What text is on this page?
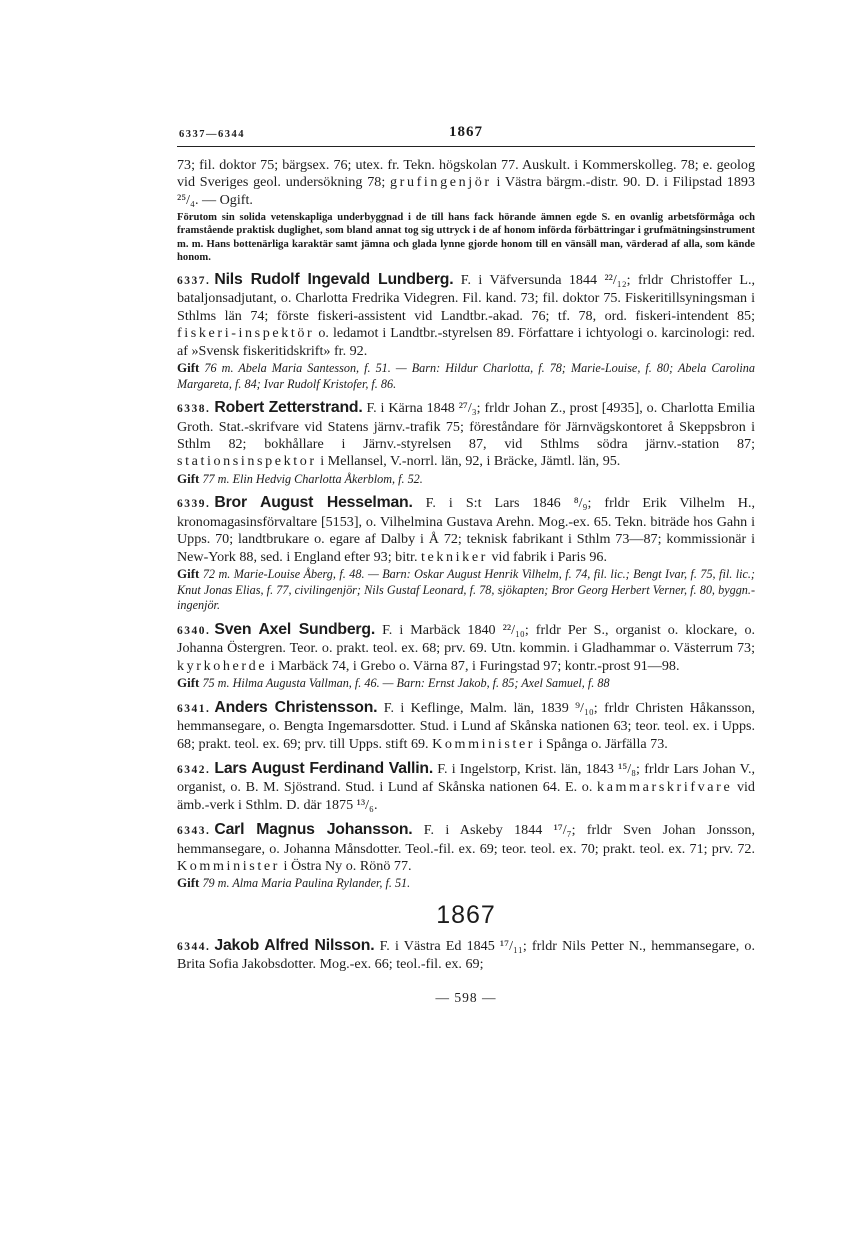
6337—6344	1867

73; fil. doktor 75; bärgsex. 76; utex. fr. Tekn. högskolan 77. Auskult. i Kommerskolleg. 78; e. geolog vid Sveriges geol. undersökning 78; grufingenjör i Västra bärgm.-distr. 90. D. i Filipstad 1893 ²⁵/₄. — Ogift.

Förutom sin solida vetenskapliga underbyggnad i de till hans fack hörande ämnen egde S. en ovanlig arbetsförmåga och framstående praktisk duglighet, som bland annat tog sig uttryck i de af honom införda förbättringar i grufmätningsinstrument m. m. Hans bottenärliga karaktär samt jämna och glada lynne gjorde honom till en vänsäll man, värderad af alla, som kände honom.

6337. Nils Rudolf Ingevald Lundberg. F. i Väfversunda 1844 ²²/₁₂; frldr Christoffer L., bataljonsadjutant, o. Charlotta Fredrika Videgren. Fil. kand. 73; fil. doktor 75. Fiskeritillsyningsman i Sthlms län 74; förste fiskeri-assistent vid Landtbr.-akad. 76; tf. 78, ord. fiskeri-intendent 85; fiskeri-inspektör o. ledamot i Landtbr.-styrelsen 89. Författare i ichtyologi o. karcinologi: red. af »Svensk fiskeritidskrift» fr. 92.

Gift 76 m. Abela Maria Santesson, f. 51. — Barn: Hildur Charlotta, f. 78; Marie-Louise, f. 80; Abela Carolina Margareta, f. 84; Ivar Rudolf Kristofer, f. 86.

6338. Robert Zetterstrand. F. i Kärna 1848 ²⁷/₃; frldr Johan Z., prost [4935], o. Charlotta Emilia Groth. Stat.-skrifvare vid Statens järnv.-trafik 75; föreståndare för Järnvägskontoret å Skeppsbron i Sthlm 82; bokhållare i Järnv.-styrelsen 87, vid Sthlms södra järnv.-station 87; stationsinspektor i Mellansel, V.-norrl. län, 92, i Bräcke, Jämtl. län, 95.

Gift 77 m. Elin Hedvig Charlotta Åkerblom, f. 52.

6339. Bror August Hesselman. F. i S:t Lars 1846 ⁸/₉; frldr Erik Vilhelm H., kronomagasinsförvaltare [5153], o. Vilhelmina Gustava Arehn. Mog.-ex. 65. Tekn. biträde hos Gahn i Upps. 70; landtbrukare o. egare af Dalby i Å 72; teknisk fabrikant i Sthlm 73—87; kommissionär i New-York 88, sed. i England efter 93; bitr. tekniker vid fabrik i Paris 96.

Gift 72 m. Marie-Louise Åberg, f. 48. — Barn: Oskar August Henrik Vilhelm, f. 74, fil. lic.; Bengt Ivar, f. 75, fil. lic.; Knut Jonas Elias, f. 77, civilingenjör; Nils Gustaf Leonard, f. 78, sjökapten; Bror Georg Herbert Verner, f. 80, byggn.-ingenjör.

6340. Sven Axel Sundberg. F. i Marbäck 1840 ²²/₁₀; frldr Per S., organist o. klockare, o. Johanna Östergren. Teor. o. prakt. teol. ex. 68; prv. 69. Utn. kommin. i Gladhammar o. Västerrum 73; kyrkoherde i Marbäck 74, i Grebo o. Värna 87, i Furingstad 97; kontr.-prost 91—98.

Gift 75 m. Hilma Augusta Vallman, f. 46. — Barn: Ernst Jakob, f. 85; Axel Samuel, f. 88

6341. Anders Christensson. F. i Keflinge, Malm. län, 1839 ⁹/₁₀; frldr Christen Håkansson, hemmansegare, o. Bengta Ingemarsdotter. Stud. i Lund af Skånska nationen 63; teor. teol. ex. i Upps. 68; prakt. teol. ex. 69; prv. till Upps. stift 69. Komminister i Spånga o. Järfälla 73.

6342. Lars August Ferdinand Vallin. F. i Ingelstorp, Krist. län, 1843 ¹⁵/₈; frldr Lars Johan V., organist, o. B. M. Sjöstrand. Stud. i Lund af Skånska nationen 64. E. o. kammarskrifvare vid ämb.-verk i Sthlm. D. där 1875 ¹³/₆.

6343. Carl Magnus Johansson. F. i Askeby 1844 ¹⁷/₇; frldr Sven Johan Jonsson, hemmansegare, o. Johanna Månsdotter. Teol.-fil. ex. 69; teor. teol. ex. 70; prakt. teol. ex. 71; prv. 72. Komminister i Östra Ny o. Rönö 77.

Gift 79 m. Alma Maria Paulina Rylander, f. 51.

1867

6344. Jakob Alfred Nilsson. F. i Västra Ed 1845 ¹⁷/₁₁; frldr Nils Petter N., hemmansegare, o. Brita Sofia Jakobsdotter. Mog.-ex. 66; teol.-fil. ex. 69;

— 598 —
